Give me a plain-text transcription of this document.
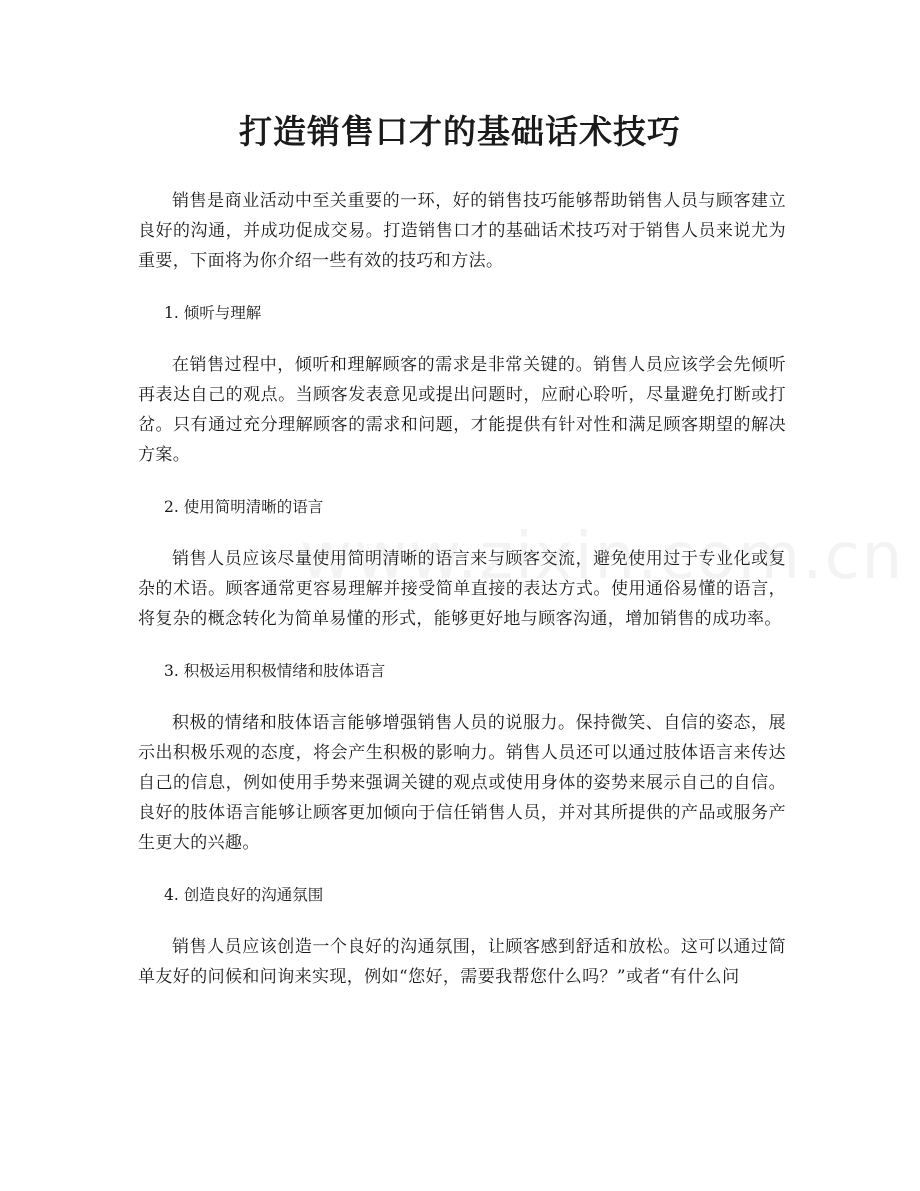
打造销售口才的基础话术技巧

销售是商业活动中至关重要的一环，好的销售技巧能够帮助销售人员与顾客建立良好的沟通，并成功促成交易。打造销售口才的基础话术技巧对于销售人员来说尤为重要，下面将为你介绍一些有效的技巧和方法。

1. 倾听与理解

在销售过程中，倾听和理解顾客的需求是非常关键的。销售人员应该学会先倾听再表达自己的观点。当顾客发表意见或提出问题时，应耐心聆听，尽量避免打断或打岔。只有通过充分理解顾客的需求和问题，才能提供有针对性和满足顾客期望的解决方案。

2. 使用简明清晰的语言

销售人员应该尽量使用简明清晰的语言来与顾客交流，避免使用过于专业化或复杂的术语。顾客通常更容易理解并接受简单直接的表达方式。使用通俗易懂的语言，将复杂的概念转化为简单易懂的形式，能够更好地与顾客沟通，增加销售的成功率。

3. 积极运用积极情绪和肢体语言

积极的情绪和肢体语言能够增强销售人员的说服力。保持微笑、自信的姿态，展示出积极乐观的态度，将会产生积极的影响力。销售人员还可以通过肢体语言来传达自己的信息，例如使用手势来强调关键的观点或使用身体的姿势来展示自己的自信。良好的肢体语言能够让顾客更加倾向于信任销售人员，并对其所提供的产品或服务产生更大的兴趣。

4. 创造良好的沟通氛围

销售人员应该创造一个良好的沟通氛围，让顾客感到舒适和放松。这可以通过简单友好的问候和问询来实现，例如“您好，需要我帮您什么吗？”或者“有什么问
